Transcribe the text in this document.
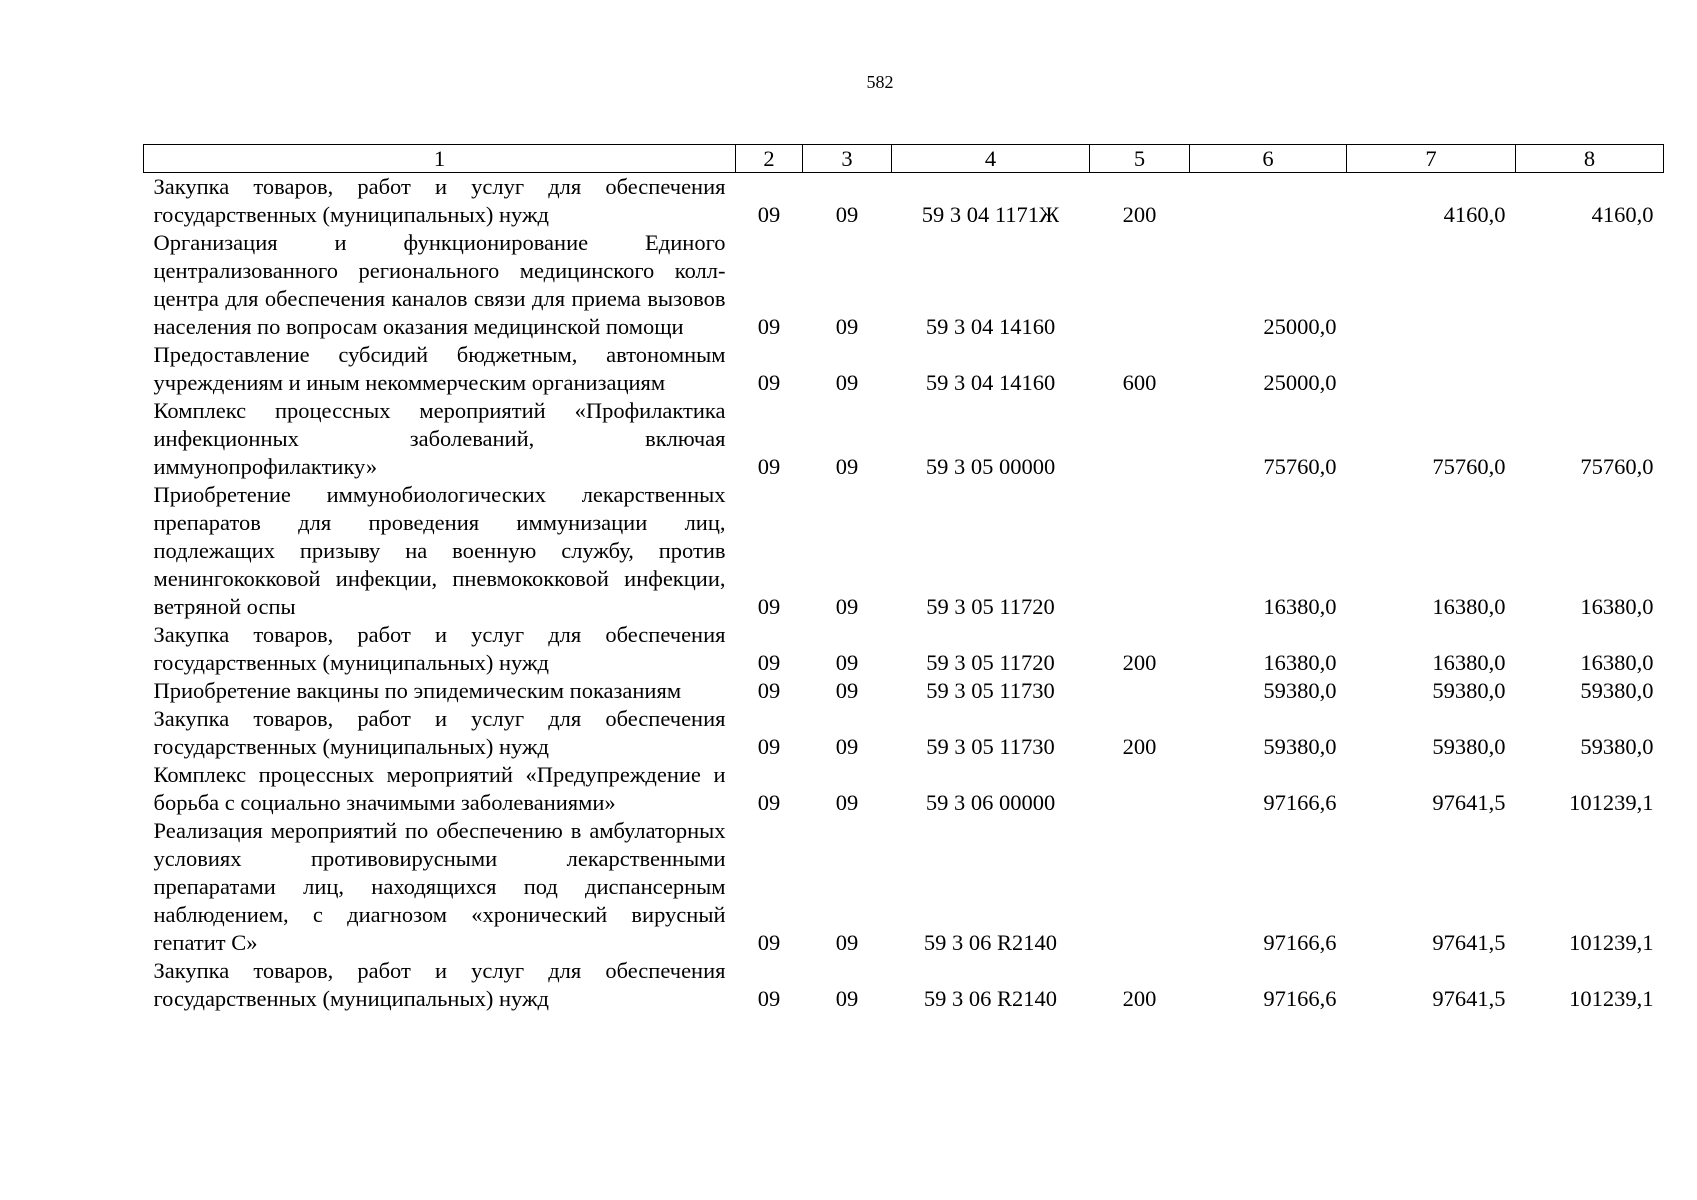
582
1	2	3	4	5	6	7	8
Закупка товаров, работ и услуг для обеспечения государственных (муниципальных) нужд	09	09	59 3 04 1171Ж	200		4160,0	4160,0
Организация и функционирование Единого централизованного регионального медицинского колл-центра для обеспечения каналов связи для приема вызовов населения по вопросам оказания медицинской помощи	09	09	59 3 04 14160		25000,0		
Предоставление субсидий бюджетным, автономным учреждениям и иным некоммерческим организациям	09	09	59 3 04 14160	600	25000,0		
Комплекс процессных мероприятий «Профилактика инфекционных заболеваний, включая иммунопрофилактику»	09	09	59 3 05 00000		75760,0	75760,0	75760,0
Приобретение иммунобиологических лекарственных препаратов для проведения иммунизации лиц, подлежащих призыву на военную службу, против менингококковой инфекции, пневмококковой инфекции, ветряной оспы	09	09	59 3 05 11720		16380,0	16380,0	16380,0
Закупка товаров, работ и услуг для обеспечения государственных (муниципальных) нужд	09	09	59 3 05 11720	200	16380,0	16380,0	16380,0
Приобретение вакцины по эпидемическим показаниям	09	09	59 3 05 11730		59380,0	59380,0	59380,0
Закупка товаров, работ и услуг для обеспечения государственных (муниципальных) нужд	09	09	59 3 05 11730	200	59380,0	59380,0	59380,0
Комплекс процессных мероприятий «Предупреждение и борьба с социально значимыми заболеваниями»	09	09	59 3 06 00000		97166,6	97641,5	101239,1
Реализация мероприятий по обеспечению в амбулаторных условиях противовирусными лекарственными препаратами лиц, находящихся под диспансерным наблюдением, с диагнозом «хронический вирусный гепатит С»	09	09	59 3 06 R2140		97166,6	97641,5	101239,1
Закупка товаров, работ и услуг для обеспечения государственных (муниципальных) нужд	09	09	59 3 06 R2140	200	97166,6	97641,5	101239,1
